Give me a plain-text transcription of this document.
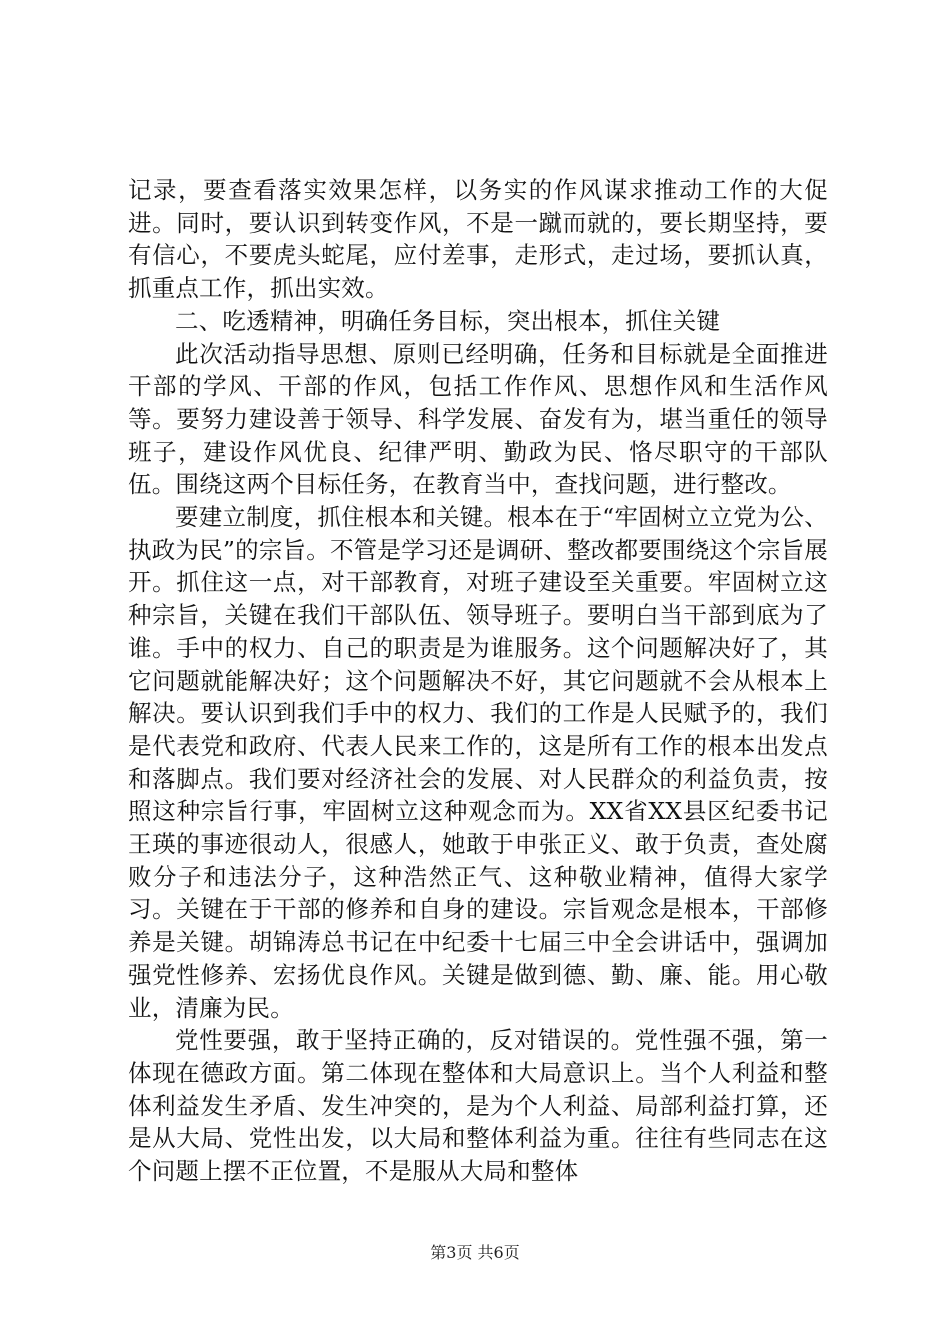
记录，要查看落实效果怎样，以务实的作风谋求推动工作的大促进。同时，要认识到转变作风，不是一蹴而就的，要长期坚持，要有信心，不要虎头蛇尾，应付差事，走形式，走过场，要抓认真，抓重点工作，抓出实效。

二、吃透精神，明确任务目标，突出根本，抓住关键

此次活动指导思想、原则已经明确，任务和目标就是全面推进干部的学风、干部的作风，包括工作作风、思想作风和生活作风等。要努力建设善于领导、科学发展、奋发有为，堪当重任的领导班子，建设作风优良、纪律严明、勤政为民、恪尽职守的干部队伍。围绕这两个目标任务，在教育当中，查找问题，进行整改。

要建立制度，抓住根本和关键。根本在于“牢固树立立党为公、执政为民”的宗旨。不管是学习还是调研、整改都要围绕这个宗旨展开。抓住这一点，对干部教育，对班子建设至关重要。牢固树立这种宗旨，关键在我们干部队伍、领导班子。要明白当干部到底为了谁。手中的权力、自己的职责是为谁服务。这个问题解决好了，其它问题就能解决好；这个问题解决不好，其它问题就不会从根本上解决。要认识到我们手中的权力、我们的工作是人民赋予的，我们是代表党和政府、代表人民来工作的，这是所有工作的根本出发点和落脚点。我们要对经济社会的发展、对人民群众的利益负责，按照这种宗旨行事，牢固树立这种观念而为。XX省XX县区纪委书记王瑛的事迹很动人，很感人，她敢于申张正义、敢于负责，查处腐败分子和违法分子，这种浩然正气、这种敬业精神，值得大家学习。关键在于干部的修养和自身的建设。宗旨观念是根本，干部修养是关键。胡锦涛总书记在中纪委十七届三中全会讲话中，强调加强党性修养、宏扬优良作风。关键是做到德、勤、廉、能。用心敬业，清廉为民。

党性要强，敢于坚持正确的，反对错误的。党性强不强，第一体现在德政方面。第二体现在整体和大局意识上。当个人利益和整体利益发生矛盾、发生冲突的，是为个人利益、局部利益打算，还是从大局、党性出发，以大局和整体利益为重。往往有些同志在这个问题上摆不正位置，不是服从大局和整体

第3页 共6页
